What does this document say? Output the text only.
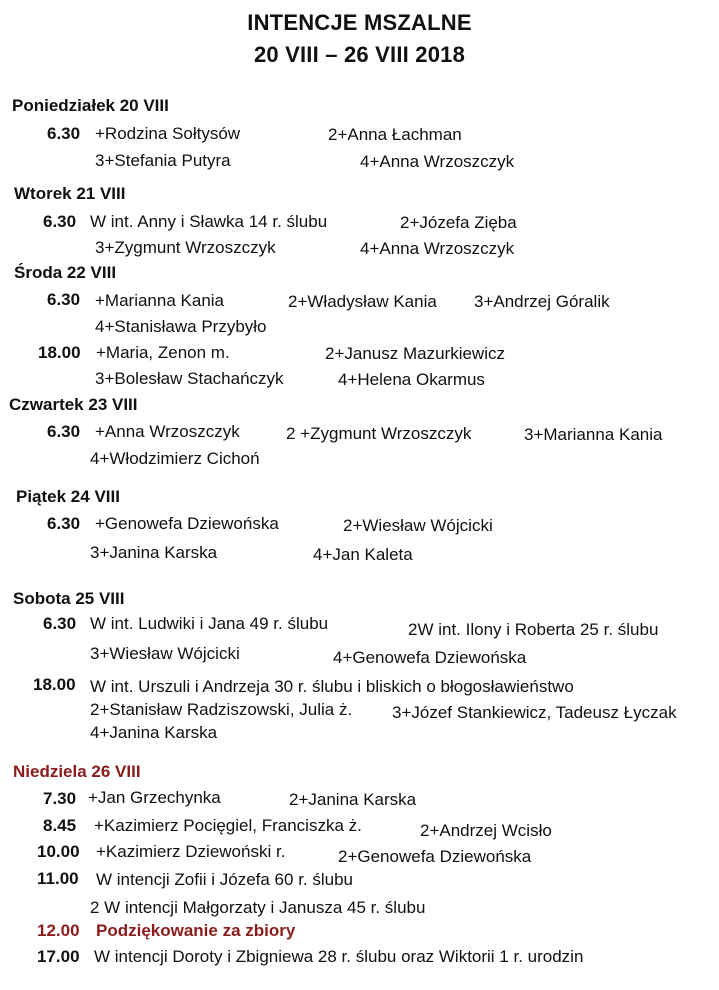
INTENCJE MSZALNE
20 VIII – 26 VIII 2018
Poniedziałek 20 VIII
6.30 +Rodzina Sołtysów	2+Anna Łachman
3+Stefania Putyra	4+Anna Wrzoszczyk
Wtorek 21 VIII
6.30 W int. Anny i Sławka 14 r. ślubu	2+Józefa Zięba
3+Zygmunt Wrzoszczyk	4+Anna Wrzoszczyk
Środa 22 VIII
6.30 +Marianna Kania	2+Władysław Kania 3+Andrzej Góralik
4+Stanisława Przybyło
18.00 +Maria, Zenon m.	2+Janusz Mazurkiewicz
3+Bolesław Stachańczyk	4+Helena Okarmus
Czwartek 23 VIII
6.30 +Anna Wrzoszczyk	2 +Zygmunt Wrzoszczyk	3+Marianna Kania
4+Włodzimierz Cichoń
Piątek 24 VIII
6.30 +Genowefa Dziewońska	2+Wiesław Wójcicki
3+Janina Karska	4+Jan Kaleta
Sobota 25 VIII
6.30 W int. Ludwiki i Jana 49 r. ślubu	2W int. Ilony i Roberta 25 r. ślubu
3+Wiesław Wójcicki	4+Genowefa Dziewońska
18.00 W int. Urszuli i Andrzeja 30 r. ślubu i bliskich o błogosławieństwo
2+Stanisław Radziszowski, Julia ż. 3+Józef Stankiewicz, Tadeusz Łyczak
4+Janina Karska
Niedziela 26 VIII
7.30 +Jan Grzechynka	2+Janina Karska
8.45 +Kazimierz Pocięgiel, Franciszka ż.	2+Andrzej Wcisło
10.00 +Kazimierz Dziewoński r.	2+Genowefa Dziewońska
11.00 W intencji Zofii i Józefa 60 r. ślubu
2 W intencji Małgorzaty i Janusza 45 r. ślubu
12.00 Podziękowanie za zbiory
17.00 W intencji Doroty i Zbigniewa 28 r. ślubu oraz Wiktorii 1 r. urodzin
